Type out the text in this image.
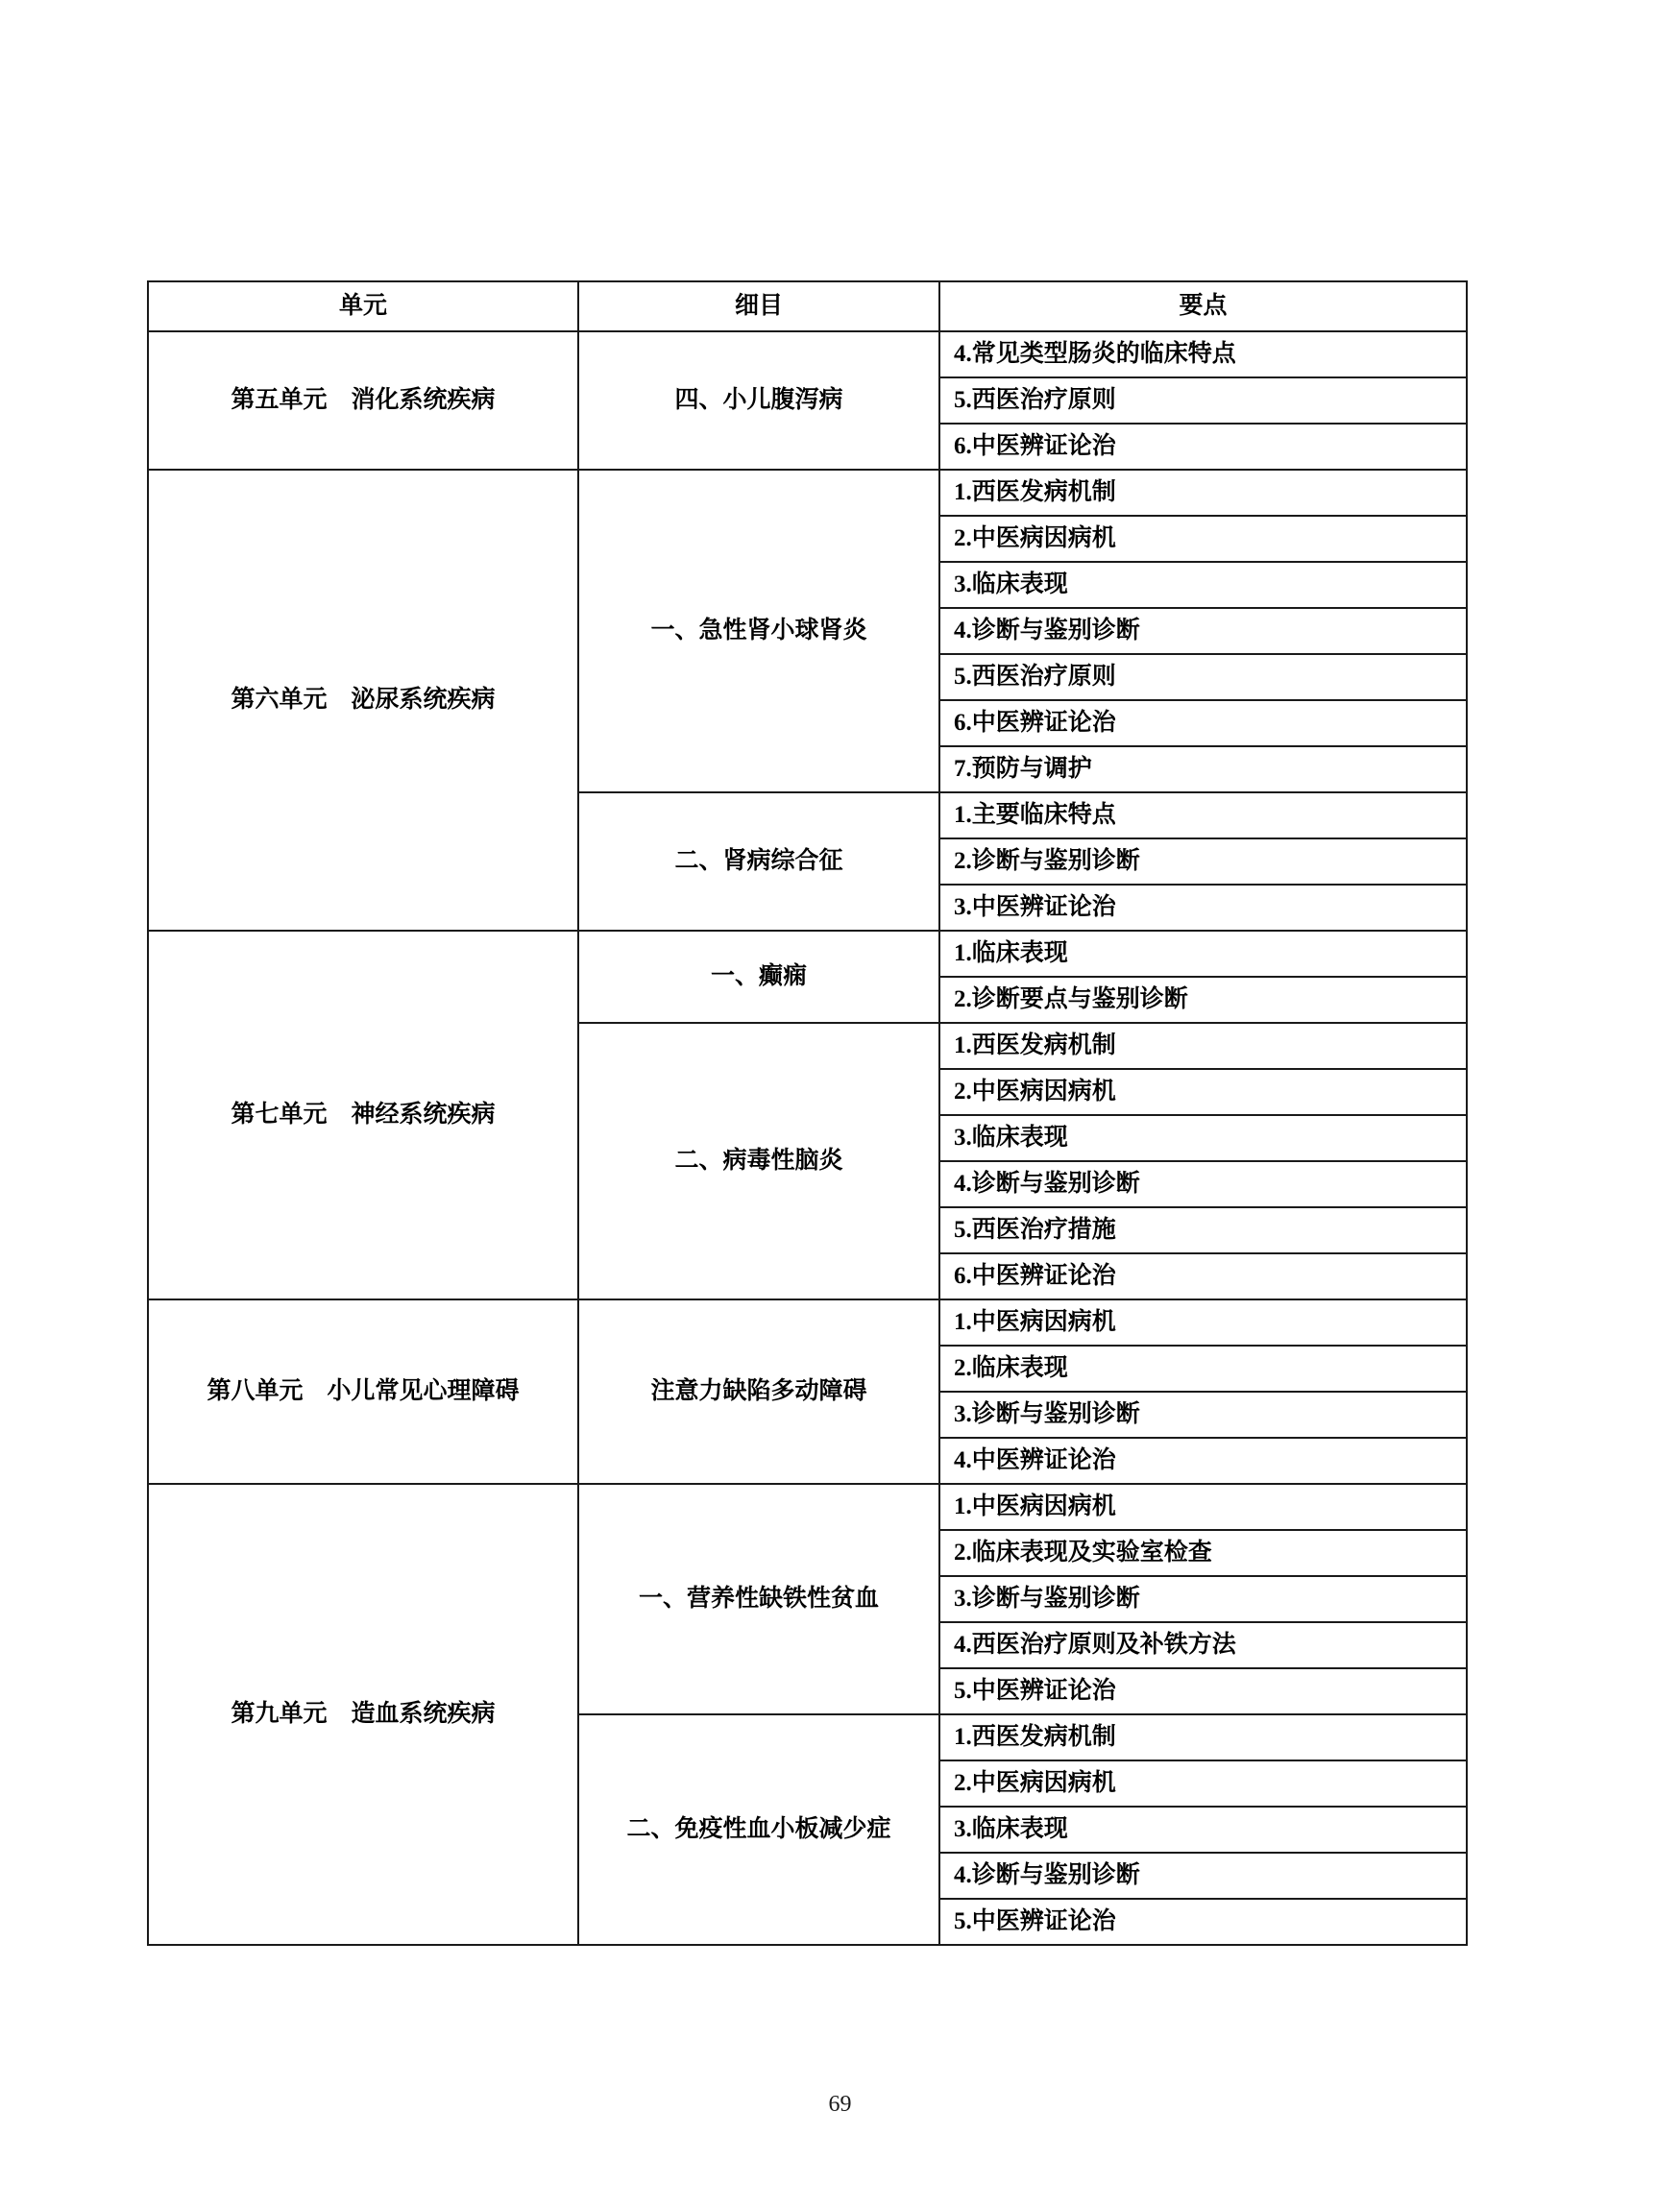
单元	细目	要点
第五单元　消化系统疾病	四、小儿腹泻病	4.常见类型肠炎的临床特点
		5.西医治疗原则
		6.中医辨证论治
第六单元　泌尿系统疾病	一、急性肾小球肾炎	1.西医发病机制
		2.中医病因病机
		3.临床表现
		4.诊断与鉴别诊断
		5.西医治疗原则
		6.中医辨证论治
		7.预防与调护
	二、肾病综合征	1.主要临床特点
		2.诊断与鉴别诊断
		3.中医辨证论治
第七单元　神经系统疾病	一、癫痫	1.临床表现
		2.诊断要点与鉴别诊断
	二、病毒性脑炎	1.西医发病机制
		2.中医病因病机
		3.临床表现
		4.诊断与鉴别诊断
		5.西医治疗措施
		6.中医辨证论治
第八单元　小儿常见心理障碍	注意力缺陷多动障碍	1.中医病因病机
		2.临床表现
		3.诊断与鉴别诊断
		4.中医辨证论治
第九单元　造血系统疾病	一、营养性缺铁性贫血	1.中医病因病机
		2.临床表现及实验室检查
		3.诊断与鉴别诊断
		4.西医治疗原则及补铁方法
		5.中医辨证论治
	二、免疫性血小板减少症	1.西医发病机制
		2.中医病因病机
		3.临床表现
		4.诊断与鉴别诊断
		5.中医辨证论治
69
